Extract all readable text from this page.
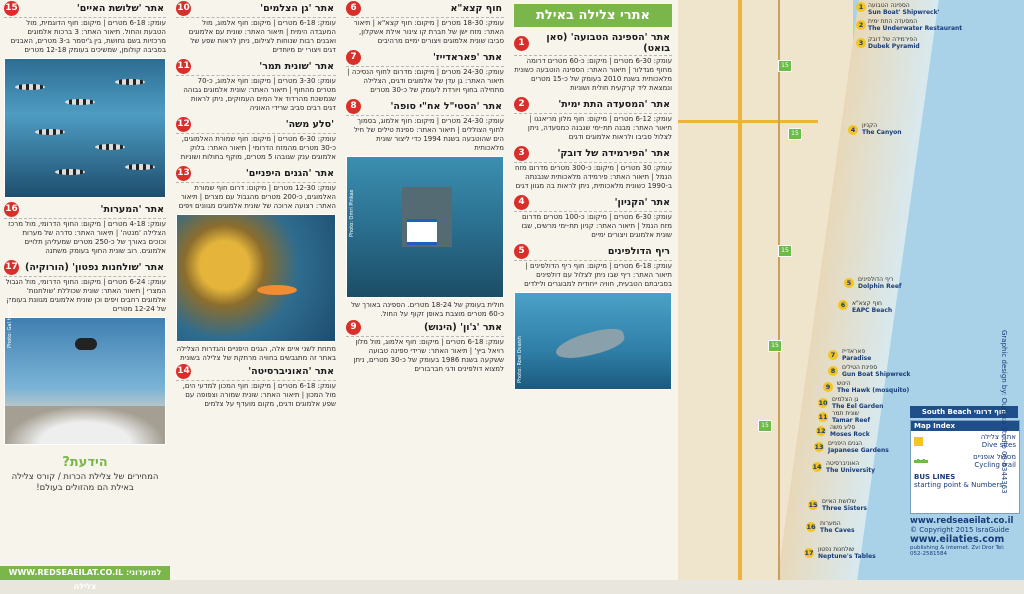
אתר 'שלושת האיים'
15
עומק: 6-18 מטרים | מיקום: חוף הדוגמית, מול הטבעת והחול. תיאור האתר: 3 ברכות אלמוגים מרכזיות בשם נחושת, בין ג'יסמר ב-3 מטרים, האבנים בסביבה קולומן, שמשיכים בעומק 12-18 מטרים
אתר 'המערות'
16
עומק: 4-18 מטרים | מיקום: החוף הדרומי, מול מרכז הצלילה 'מנטה' | תיאור האתר: סדרה של מערות וכוכים באורך של כ-250 מטרים שמעליהן תלויים אלמוגים. רוב שונית החוף בעומק משתנה
אתר 'שולחנות נפטון' (הורוקיה)
17
עומק: 6-24 מטרים | מיקום: החוף הדרומי, מול הגבול המצרי | תיאור האתר: שונית שכוללת 'שולחנות' אלמוגים רחבים ויפים וכן שונית אלמוגים מגוונת בעומק של 12-24 מטרים
Photo: Gal Hochman
הידעת?
המחירים של צלילת הכרות / קורס צלילה באילת הם מהזולים בעולם!
WWW.REDSEAEILAT.CO.IL :למועדוני צלילה
אתר 'גן הצלמים'
10
עומק: 6-18 מטרים | מיקום: חוף אלמוג, מול המעבדה הימית | תיאור האתר: שונית עם אלמוגים ואבנים רבות שנוחות לצילום, ניתן לראות שפע של דגים ויצורי ים מיוחדים
אתר 'שונית תמר'
11
עומק: 3-30 מטרים | מיקום: חוף אלמוג, כ-70 מטרים מהחוף | תיאור האתר: שונית אלמוגים גבוהה שנמשכת מהרדוד אל המים העמוקים, ניתן לראות דגים רבים סביב שרידי האוניה
'סלע משה'
12
עומק: 6-30 מטרים | מיקום: חוף שמורת האלמוגים, כ-30 מטרים מהמזח הדרומי | תיאור האתר: בלוק אלמוגים ענק שגובהו 5 מטרים, מוקף בחולות ושוניות
אתר 'הגנים היפניים'
13
עומק: 12-30 מטרים | מיקום: דרום חוף שמורת האלמוגים, כ-200 מטרים מהגבול עם מצרים | תיאור האתר: רצועה ארוכה של שונית אלמוגים מגוונים ויפים
מתחת לשני איים אלה, הגנים היפניים והגדרות הצלילה באתר זה מתגבשים בחוויה מרתקת של צלילה בשונית
אתר 'האוניברסיטה'
14
עומק: 6-18 מטרים | מיקום: חוף המכון למדעי הים, מול המכון | תיאור האתר: שונית שמורה וצפופה עם שפע אלמוגים ודגים, מקום מועדף על צלמים
חוף קצא"א
6
עומק: 18-30 מטרים | מיקום: חוף קצא"א | תיאור האתר: מזח ישן של חברת קו צינור אילת אשקלון, סביבו שונית אלמוגים ויצורים ימיים מרהיבים
אתר 'פאראדייז'
7
עומק: 24-30 מטרים | מיקום: מדרום לחוף הנסיכה | תיאור האתר: גן עדן של אלמוגים ודגים, הצלילה מתחילה בחוף ויורדת לעומק של כ-30 מטרים
אתר 'הסטי"ל אח"י סופה'
8
עומק: 24-30 מטרים | מיקום: חוף אלמוג, בסמוך לחוף הצוללים | תיאור האתר: ספינת טילים של חיל הים שהוטבעה בשנת 1994 כדי ליצור שונית מלאכותית
Photo: Omri Pinkas
חולית בעומק של 18-24 מטרים. הספינה באורך של כ-60 מטרים מוצבת באופן זקוף על החול.
אתר 'ג'ון' (הינוש)
9
עומק: 6-18 מטרים | מיקום: חוף אלמוג, מול מלון רויאל ביץ' | תיאור האתר: שרידי ספינה טבועה ששקעה בשנת 1986 בעומק של כ-30 מטרים, ניתן למצוא דולפינים ודגי חברבורים
אתרי צלילה באילת
אתר 'הספינה הטבועה' (סאן בואט)
1
עומק: 6-30 מטרים | מיקום: כ-60 מטרים דרומה מחוף מגדלור | תיאור האתר: הספינה הוטבעה כשונית מלאכותית בשנת 2010 בעומק של כ-15 מטרים ונמצאת ליד קרקעית חולית ושוניות
אתר 'המסעדה התת ימית'
2
עומק: 6-12 מטרים | מיקום: חוף מלון מריאנגו | תיאור האתר: מבנה תת-ימי שנבנה כמסעדה, ניתן לצלול סביבו ולראות אלמוגים ודגים
אתר 'הפירמידה של דובק'
3
עומק: 30 מטרים | מיקום: כ-300 מטרים מדרום מזח הנמל | תיאור האתר: פירמידה מלאכותית שנבנתה ב-1990 כשונית מלאכותית, ניתן לראות בה מגוון דגים
אתר 'הקניון'
4
עומק: 6-30 מטרים | מיקום: כ-100 מטרים מדרום מזח הנמל | תיאור האתר: קניון תת-ימי מרשים, שבו שונית אלמוגים ויצורים ימיים
ריף הדולפינים
5
עומק: 6-18 מטרים | מיקום: חוף ריף הדולפינים | תיאור האתר: ריף שבו ניתן לצלול עם דולפינים בסביבתם הטבעית, חוויה ייחודית למבוגרים ולילדים
Photo: Roei Dvaish
15
15
15
15
15
1 הספינה הטבועה
'Sun Boat' Shipwreck
2 המסעדה התת ימית
The Underwater Restaurant
3 הפירמידה של דובק
Dubek Pyramid
4
הקניון
The Canyon
5	ריף הדולפינים
Dolphin Reef
6	חוף קצא"א
EAPC Beach
7	פאראדייז
Paradise
8	ספינת הטילים
Gun Boat Shipwreck
9	הינוש
The Hawk (mosquito)
10 גן הצלמים
The Eel Garden
11 שונית תמר
Tamar Reef
12 סלע משה
Moses Rock
13 הגנים היפניים
Japanese Gardens
14 האוניברסיטה
The University
15 שלושת האיים
Three Sisters
16 המערות
The Caves
17 שולחנות נפטון
Neptune's Tables
South Beach חוף דרומי
Map Index
אתרי צלילה
Dive sites
מסלול אופניים
Cycling trail
BUS LINES
starting point & Numbers
www.redseaeilat.co.il
© Copyright 2015 IsraGuide
www.eilaties.com
publishing & internet. Zvi Dror Tel: 052-2581584
Graphic design by: Ouriska Studio 08-6344363
